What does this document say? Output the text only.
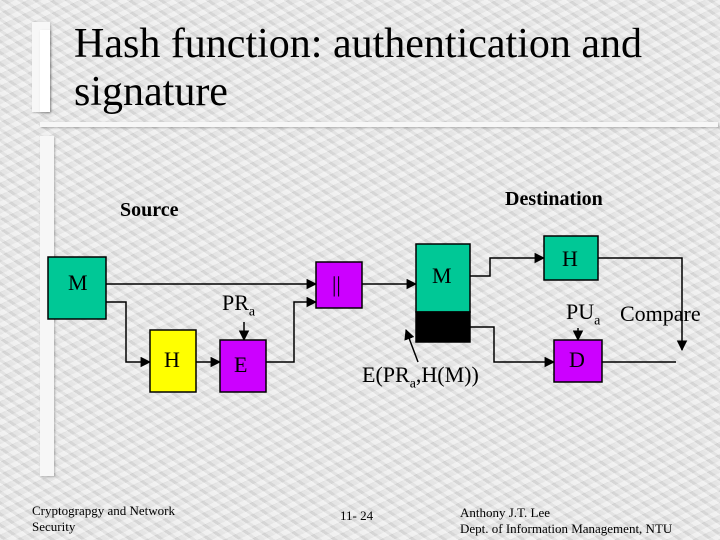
Hash function: authentication and signature
Source	Destination
M
H E
||	M
H
D
$PR_a$	$PU_a$ Compare
$E(PR_a,H(M))$
Cryptograpgy and Network
Security
11- 24	Anthony J.T. Lee
Dept. of Information Management, NTU
